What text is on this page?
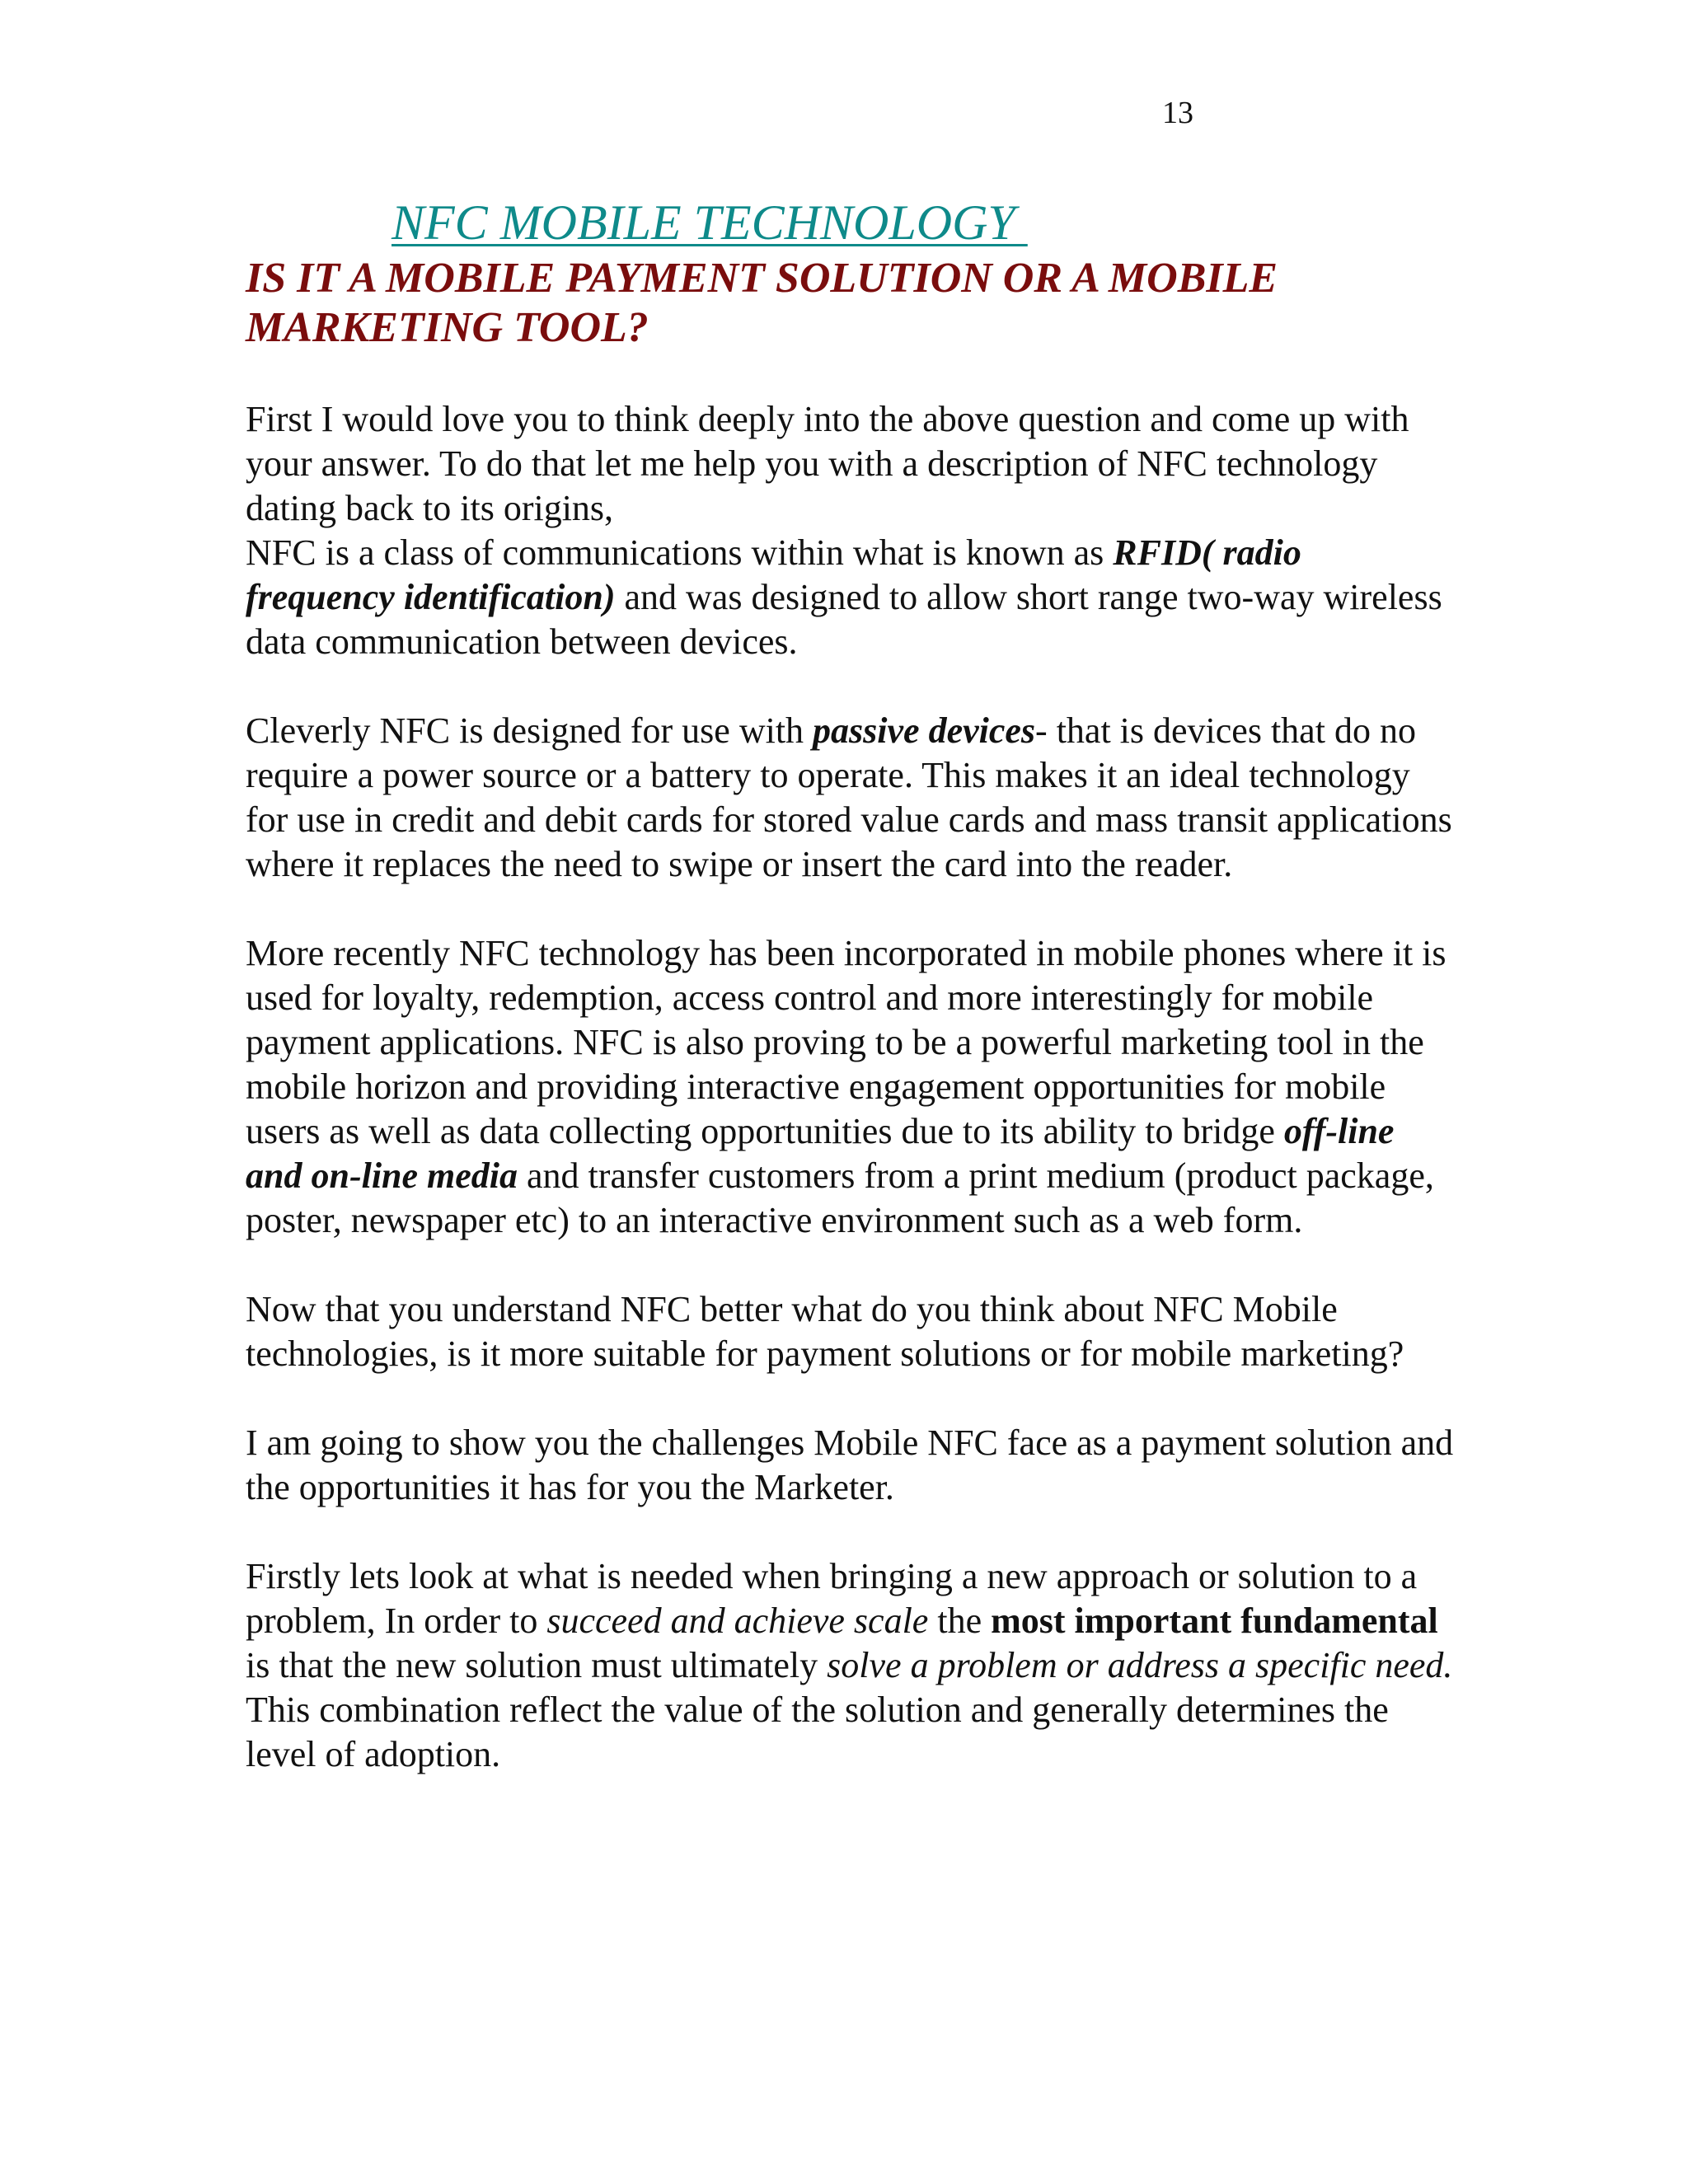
13
NFC MOBILE TECHNOLOGY
IS IT A MOBILE PAYMENT SOLUTION OR A MOBILE MARKETING TOOL?

First I would love you to think deeply into the above question and come up with your answer. To do that let me help you with a description of NFC technology dating back to its origins,
NFC is a class of communications within what is known as RFID( radio frequency identification) and was designed to allow short range two-way wireless data communication between devices.

Cleverly NFC is designed for use with passive devices- that is devices that do no require a power source or a battery to operate. This makes it an ideal technology for use in credit and debit cards for stored value cards and mass transit applications where it replaces the need to swipe or insert the card into the reader.

More recently NFC technology has been incorporated in mobile phones where it is used for loyalty, redemption, access control and more interestingly for mobile payment applications. NFC is also proving to be a powerful marketing tool in the mobile horizon and providing interactive engagement opportunities for mobile users as well as data collecting opportunities due to its ability to bridge off-line and on-line media and transfer customers from a print medium (product package, poster, newspaper etc) to an interactive environment such as a web form.

Now that you understand NFC better what do you think about NFC Mobile technologies, is it more suitable for payment solutions or for mobile marketing?

I am going to show you the challenges Mobile NFC face as a payment solution and the opportunities it has for you the Marketer.

Firstly lets look at what is needed when bringing a new approach or solution to a problem, In order to succeed and achieve scale the most important fundamental is that the new solution must ultimately solve a problem or address a specific need. This combination reflect the value of the solution and generally determines the level of adoption.
